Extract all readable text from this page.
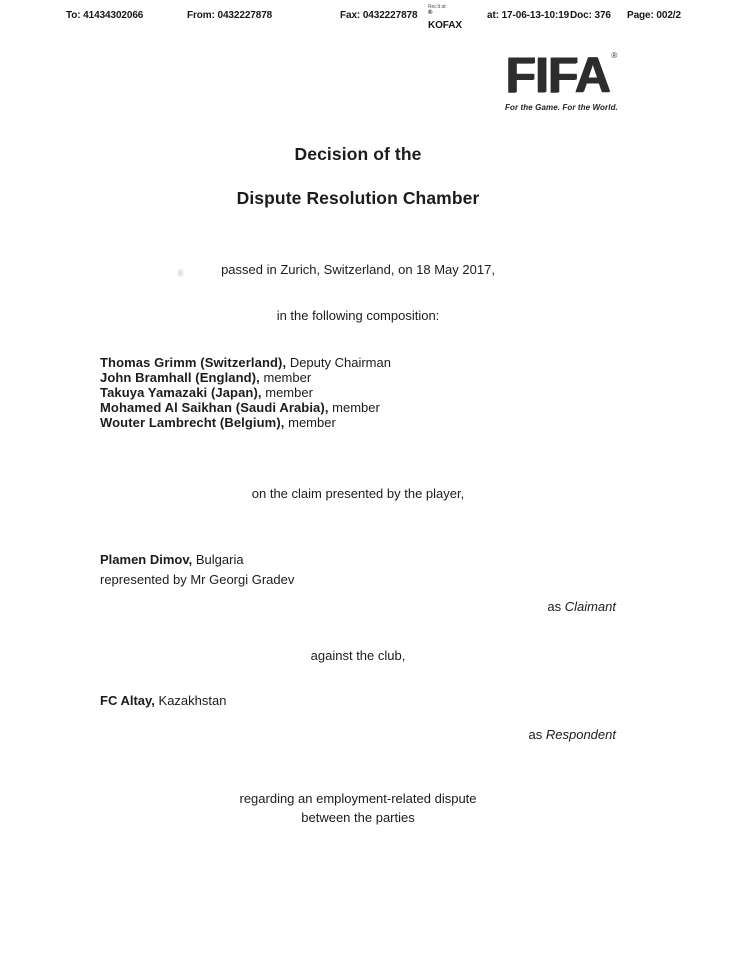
To: 41434302066	From: 0432227878	Fax: 0432227878
Rec'd at:
KOFAX
®	at: 17-06-13-10:19 Doc: 376 Page: 002/2
FIFA ®
For the Game. For the World.
Decision of the
Dispute Resolution Chamber

passed in Zurich, Switzerland, on 18 May 2017,

in the following composition:

Thomas Grimm (Switzerland), Deputy Chairman
John Bramhall (England), member
Takuya Yamazaki (Japan), member
Mohamed Al Saikhan (Saudi Arabia), member
Wouter Lambrecht (Belgium), member

on the claim presented by the player,

Plamen Dimov, Bulgaria

represented by Mr Georgi Gradev

as Claimant

against the club,

FC Altay, Kazakhstan

as Respondent

regarding an employment-related dispute

between the parties
